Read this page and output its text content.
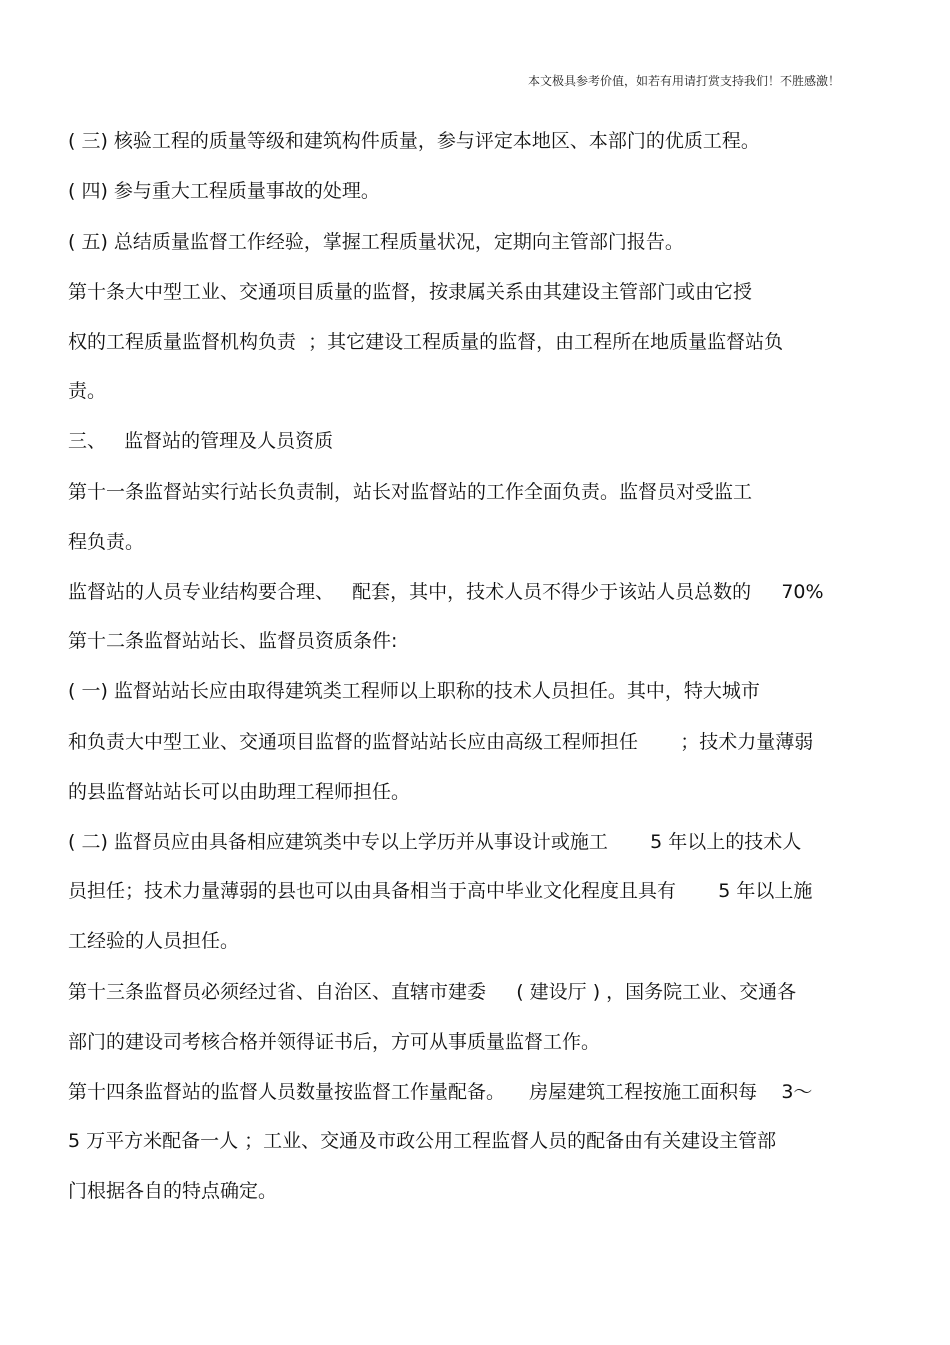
本文极具参考价值，如若有用请打赏支持我们！不胜感激！
( 三) 核验工程的质量等级和建筑构件质量，参与评定本地区、本部门的优质工程。
( 四) 参与重大工程质量事故的处理。
( 五) 总结质量监督工作经验，掌握工程质量状况，定期向主管部门报告。
第十条大中型工业、交通项目质量的监督，按隶属关系由其建设主管部门或由它授
权的工程质量监督机构负责  ；其它建设工程质量的监督，由工程所在地质量监督站负
责。
三、   监督站的管理及人员资质
第十一条监督站实行站长负责制，站长对监督站的工作全面负责。监督员对受监工
程负责。
监督站的人员专业结构要合理、   配套，其中，技术人员不得少于该站人员总数的     70%
第十二条监督站站长、监督员资质条件:
( 一) 监督站站长应由取得建筑类工程师以上职称的技术人员担任。其中，特大城市
和负责大中型工业、交通项目监督的监督站站长应由高级工程师担任       ；技术力量薄弱
的县监督站站长可以由助理工程师担任。
( 二) 监督员应由具备相应建筑类中专以上学历并从事设计或施工       5 年以上的技术人
员担任；技术力量薄弱的县也可以由具备相当于高中毕业文化程度且具有       5 年以上施
工经验的人员担任。
第十三条监督员必须经过省、自治区、直辖市建委     ( 建设厅 ) ，国务院工业、交通各
部门的建设司考核合格并领得证书后，方可从事质量监督工作。
第十四条监督站的监督人员数量按监督工作量配备。    房屋建筑工程按施工面积每    3～
5 万平方米配备一人 ；工业、交通及市政公用工程监督人员的配备由有关建设主管部
门根据各自的特点确定。
